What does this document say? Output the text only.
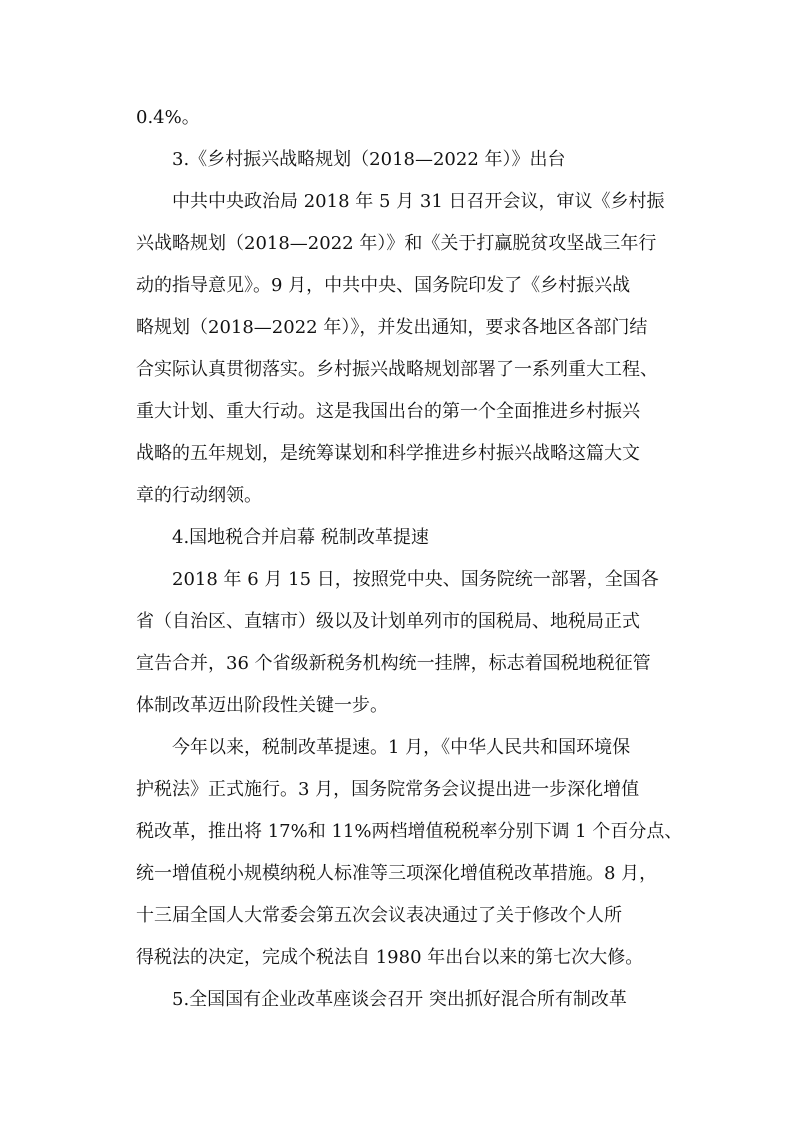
0.4%。
3.《乡村振兴战略规划（2018—2022 年）》出台
中共中央政治局 2018 年 5 月 31 日召开会议，审议《乡村振
兴战略规划（2018—2022 年）》和《关于打赢脱贫攻坚战三年行
动的指导意见》。9 月，中共中央、国务院印发了《乡村振兴战
略规划（2018—2022 年）》，并发出通知，要求各地区各部门结
合实际认真贯彻落实。乡村振兴战略规划部署了一系列重大工程、
重大计划、重大行动。这是我国出台的第一个全面推进乡村振兴
战略的五年规划，是统筹谋划和科学推进乡村振兴战略这篇大文
章的行动纲领。
4.国地税合并启幕 税制改革提速
2018 年 6 月 15 日，按照党中央、国务院统一部署，全国各
省（自治区、直辖市）级以及计划单列市的国税局、地税局正式
宣告合并，36 个省级新税务机构统一挂牌，标志着国税地税征管
体制改革迈出阶段性关键一步。
今年以来，税制改革提速。1 月，《中华人民共和国环境保
护税法》正式施行。3 月，国务院常务会议提出进一步深化增值
税改革，推出将 17%和 11%两档增值税税率分别下调 1 个百分点、
统一增值税小规模纳税人标准等三项深化增值税改革措施。8 月，
十三届全国人大常委会第五次会议表决通过了关于修改个人所
得税法的决定，完成个税法自 1980 年出台以来的第七次大修。
5.全国国有企业改革座谈会召开 突出抓好混合所有制改革
